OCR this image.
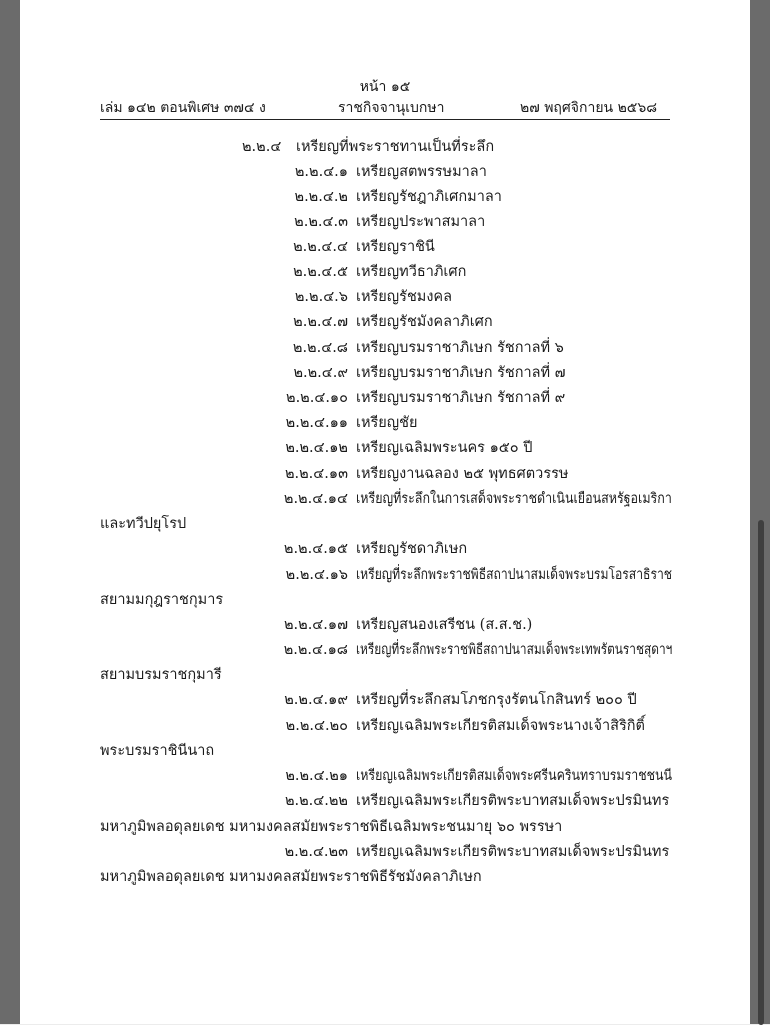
หน้า ๑๕
เล่ม ๑๔๒ ตอนพิเศษ ๓๗๔ ง	ราชกิจจานุเบกษา	๒๗ พฤศจิกายน ๒๕๖๘
๒.๒.๔ เหรียญที่พระราชทานเป็นที่ระลึก
๒.๒.๔.๑ เหรียญสตพรรษมาลา
๒.๒.๔.๒ เหรียญรัชฎาภิเศกมาลา
๒.๒.๔.๓ เหรียญประพาสมาลา
๒.๒.๔.๔ เหรียญราชินี
๒.๒.๔.๕ เหรียญทวีธาภิเศก
๒.๒.๔.๖ เหรียญรัชมงคล
๒.๒.๔.๗ เหรียญรัชมังคลาภิเศก
๒.๒.๔.๘ เหรียญบรมราชาภิเษก รัชกาลที่ ๖
๒.๒.๔.๙ เหรียญบรมราชาภิเษก รัชกาลที่ ๗
๒.๒.๔.๑๐ เหรียญบรมราชาภิเษก รัชกาลที่ ๙
๒.๒.๔.๑๑ เหรียญชัย
๒.๒.๔.๑๒ เหรียญเฉลิมพระนคร ๑๕๐ ปี
๒.๒.๔.๑๓ เหรียญงานฉลอง ๒๕ พุทธศตวรรษ
๒.๒.๔.๑๔ เหรียญที่ระลึกในการเสด็จพระราชดำเนินเยือนสหรัฐอเมริกา
และทวีปยุโรป
๒.๒.๔.๑๕ เหรียญรัชดาภิเษก
๒.๒.๔.๑๖ เหรียญที่ระลึกพระราชพิธีสถาปนาสมเด็จพระบรมโอรสาธิราช
สยามมกุฎราชกุมาร
๒.๒.๔.๑๗ เหรียญสนองเสรีชน (ส.ส.ช.)
๒.๒.๔.๑๘ เหรียญที่ระลึกพระราชพิธีสถาปนาสมเด็จพระเทพรัตนราชสุดาฯ
สยามบรมราชกุมารี
๒.๒.๔.๑๙ เหรียญที่ระลึกสมโภชกรุงรัตนโกสินทร์ ๒๐๐ ปี
๒.๒.๔.๒๐ เหรียญเฉลิมพระเกียรติสมเด็จพระนางเจ้าสิริกิติ์
พระบรมราชินีนาถ
๒.๒.๔.๒๑ เหรียญเฉลิมพระเกียรติสมเด็จพระศรีนครินทราบรมราชชนนี
๒.๒.๔.๒๒ เหรียญเฉลิมพระเกียรติพระบาทสมเด็จพระปรมินทร
มหาภูมิพลอดุลยเดช มหามงคลสมัยพระราชพิธีเฉลิมพระชนมายุ ๖๐ พรรษา
๒.๒.๔.๒๓ เหรียญเฉลิมพระเกียรติพระบาทสมเด็จพระปรมินทร
มหาภูมิพลอดุลยเดช มหามงคลสมัยพระราชพิธีรัชมังคลาภิเษก
